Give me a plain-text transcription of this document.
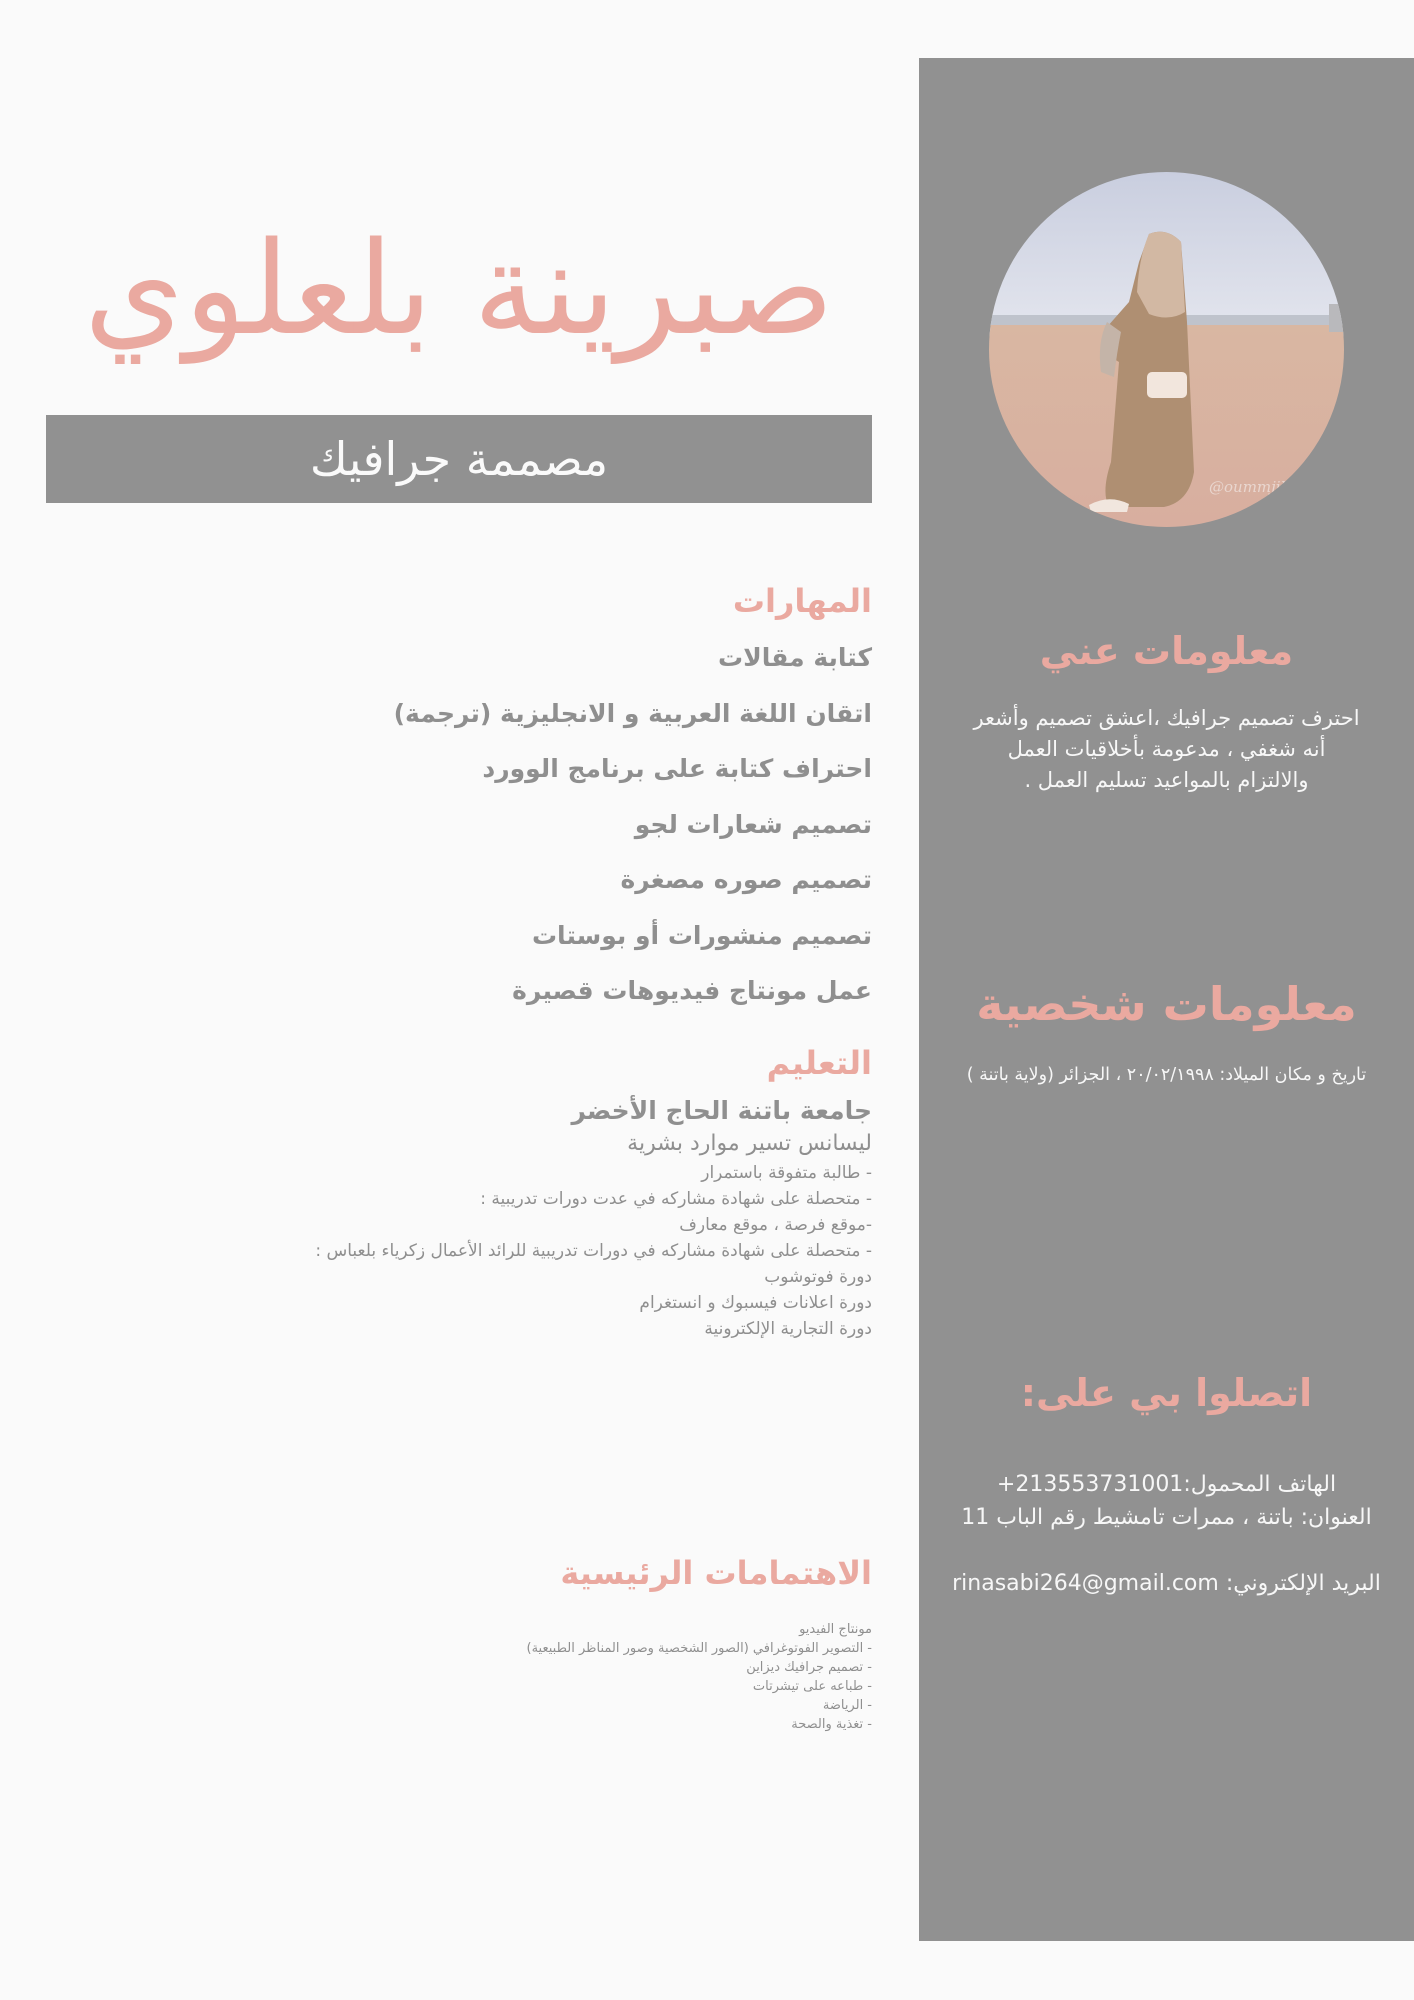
صبرينة بلعلوي
مصممة جرافيك
المهارات
كتابة مقالات
اتقان اللغة العربية و الانجليزية (ترجمة)
احتراف كتابة على برنامج الوورد
تصميم شعارات لجو
تصميم صوره مصغرة
تصميم منشورات أو بوستات
عمل مونتاج فيديوهات قصيرة
التعليم
جامعة باتنة الحاج الأخضر
ليسانس تسير موارد بشرية
- طالبة متفوقة باستمرار
- متحصلة على شهادة مشاركه في عدت دورات تدريبية :
-موقع فرصة ، موقع معارف
- متحصلة على شهادة مشاركه في دورات تدريبية للرائد الأعمال زكرياء بلعباس :
دورة فوتوشوب
دورة اعلانات فيسبوك و انستغرام
دورة التجارية الإلكترونية
الاهتمامات الرئيسية
مونتاج الفيديو
- التصوير الفوتوغرافي (الصور الشخصية وصور المناظر الطبيعية)
- تصميم جرافيك ديزاين
- طباعه على تيشرتات
- الرياضة
- تغذية والصحة
@oummjil
معلومات عني
احترف تصميم جرافيك ،اعشق تصميم وأشعر
أنه شغفي ، مدعومة بأخلاقيات العمل
والالتزام بالمواعيد تسليم العمل .
معلومات شخصية
تاريخ و مكان الميلاد: ٢٠/٠٢/١٩٩٨ ، الجزائر (ولاية باتنة )
اتصلوا بي على:
الهاتف المحمول:213553731001+
العنوان: باتنة ، ممرات تامشيط رقم الباب 11
البريد الإلكتروني: rinasabi264@gmail.com
